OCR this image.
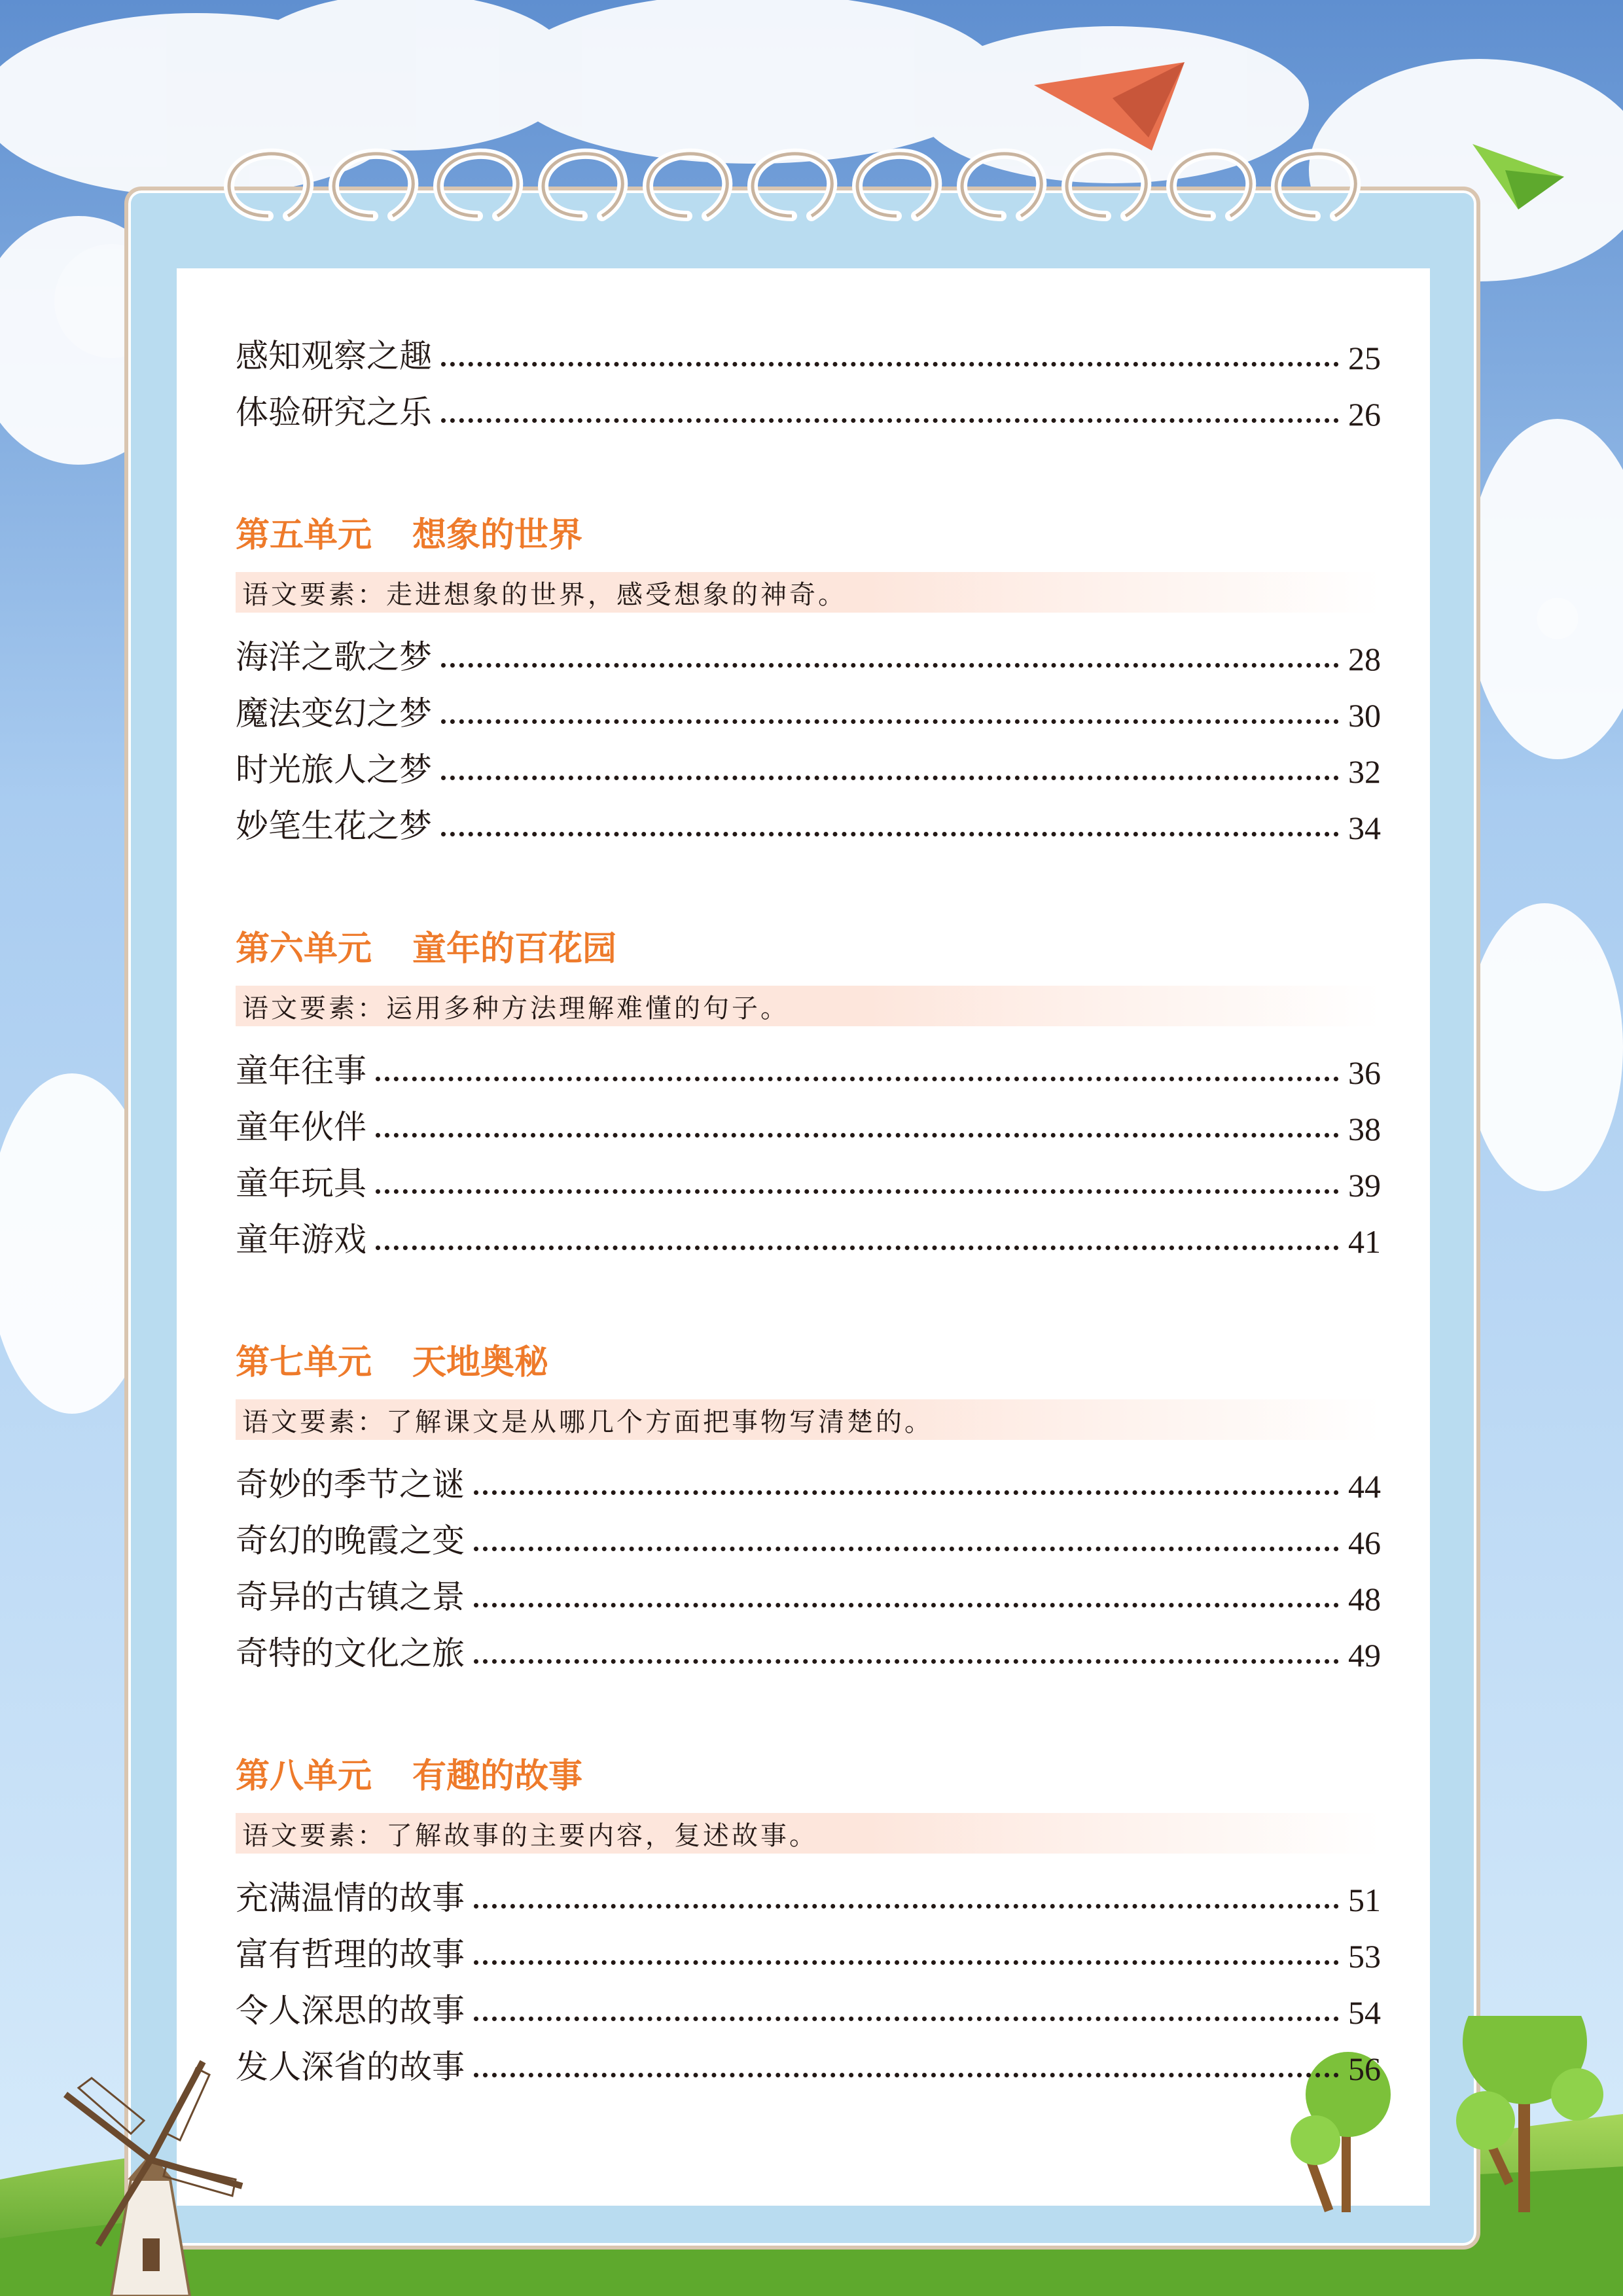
感知观察之趣	25
体验研究之乐	26
第五单元 想象的世界
语文要素：走进想象的世界，感受想象的神奇。
海洋之歌之梦	28
魔法变幻之梦	30
时光旅人之梦	32
妙笔生花之梦	34
第六单元 童年的百花园
语文要素：运用多种方法理解难懂的句子。
童年往事	36
童年伙伴	38
童年玩具	39
童年游戏	41
第七单元 天地奥秘
语文要素：了解课文是从哪几个方面把事物写清楚的。
奇妙的季节之谜	44
奇幻的晚霞之变	46
奇异的古镇之景	48
奇特的文化之旅	49
第八单元 有趣的故事
语文要素：了解故事的主要内容，复述故事。
充满温情的故事	51
富有哲理的故事	53
令人深思的故事	54
发人深省的故事	56
